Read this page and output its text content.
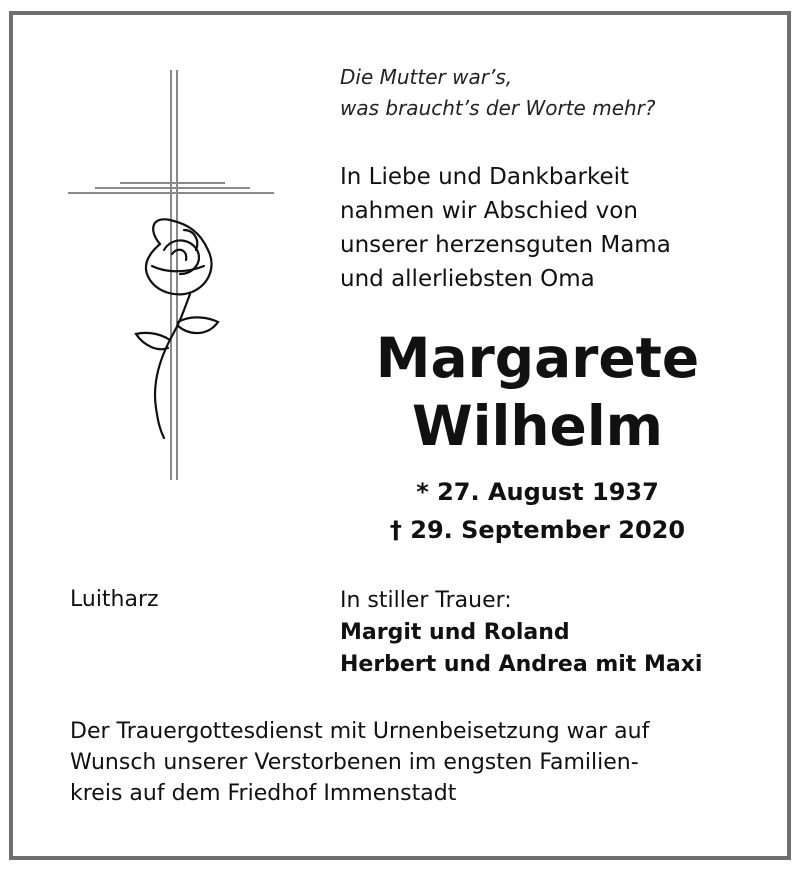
Die Mutter war’s,
was braucht’s der Worte mehr?
In Liebe und Dankbarkeit
nahmen wir Abschied von
unserer herzensguten Mama
und allerliebsten Oma
Margarete
Wilhelm
* 27. August 1937
† 29. September 2020
Luitharz	In stiller Trauer:
Margit und Roland
Herbert und Andrea mit Maxi
Der Trauergottesdienst mit Urnenbeisetzung war auf
Wunsch unserer Verstorbenen im engsten Familien-
kreis auf dem Friedhof Immenstadt
